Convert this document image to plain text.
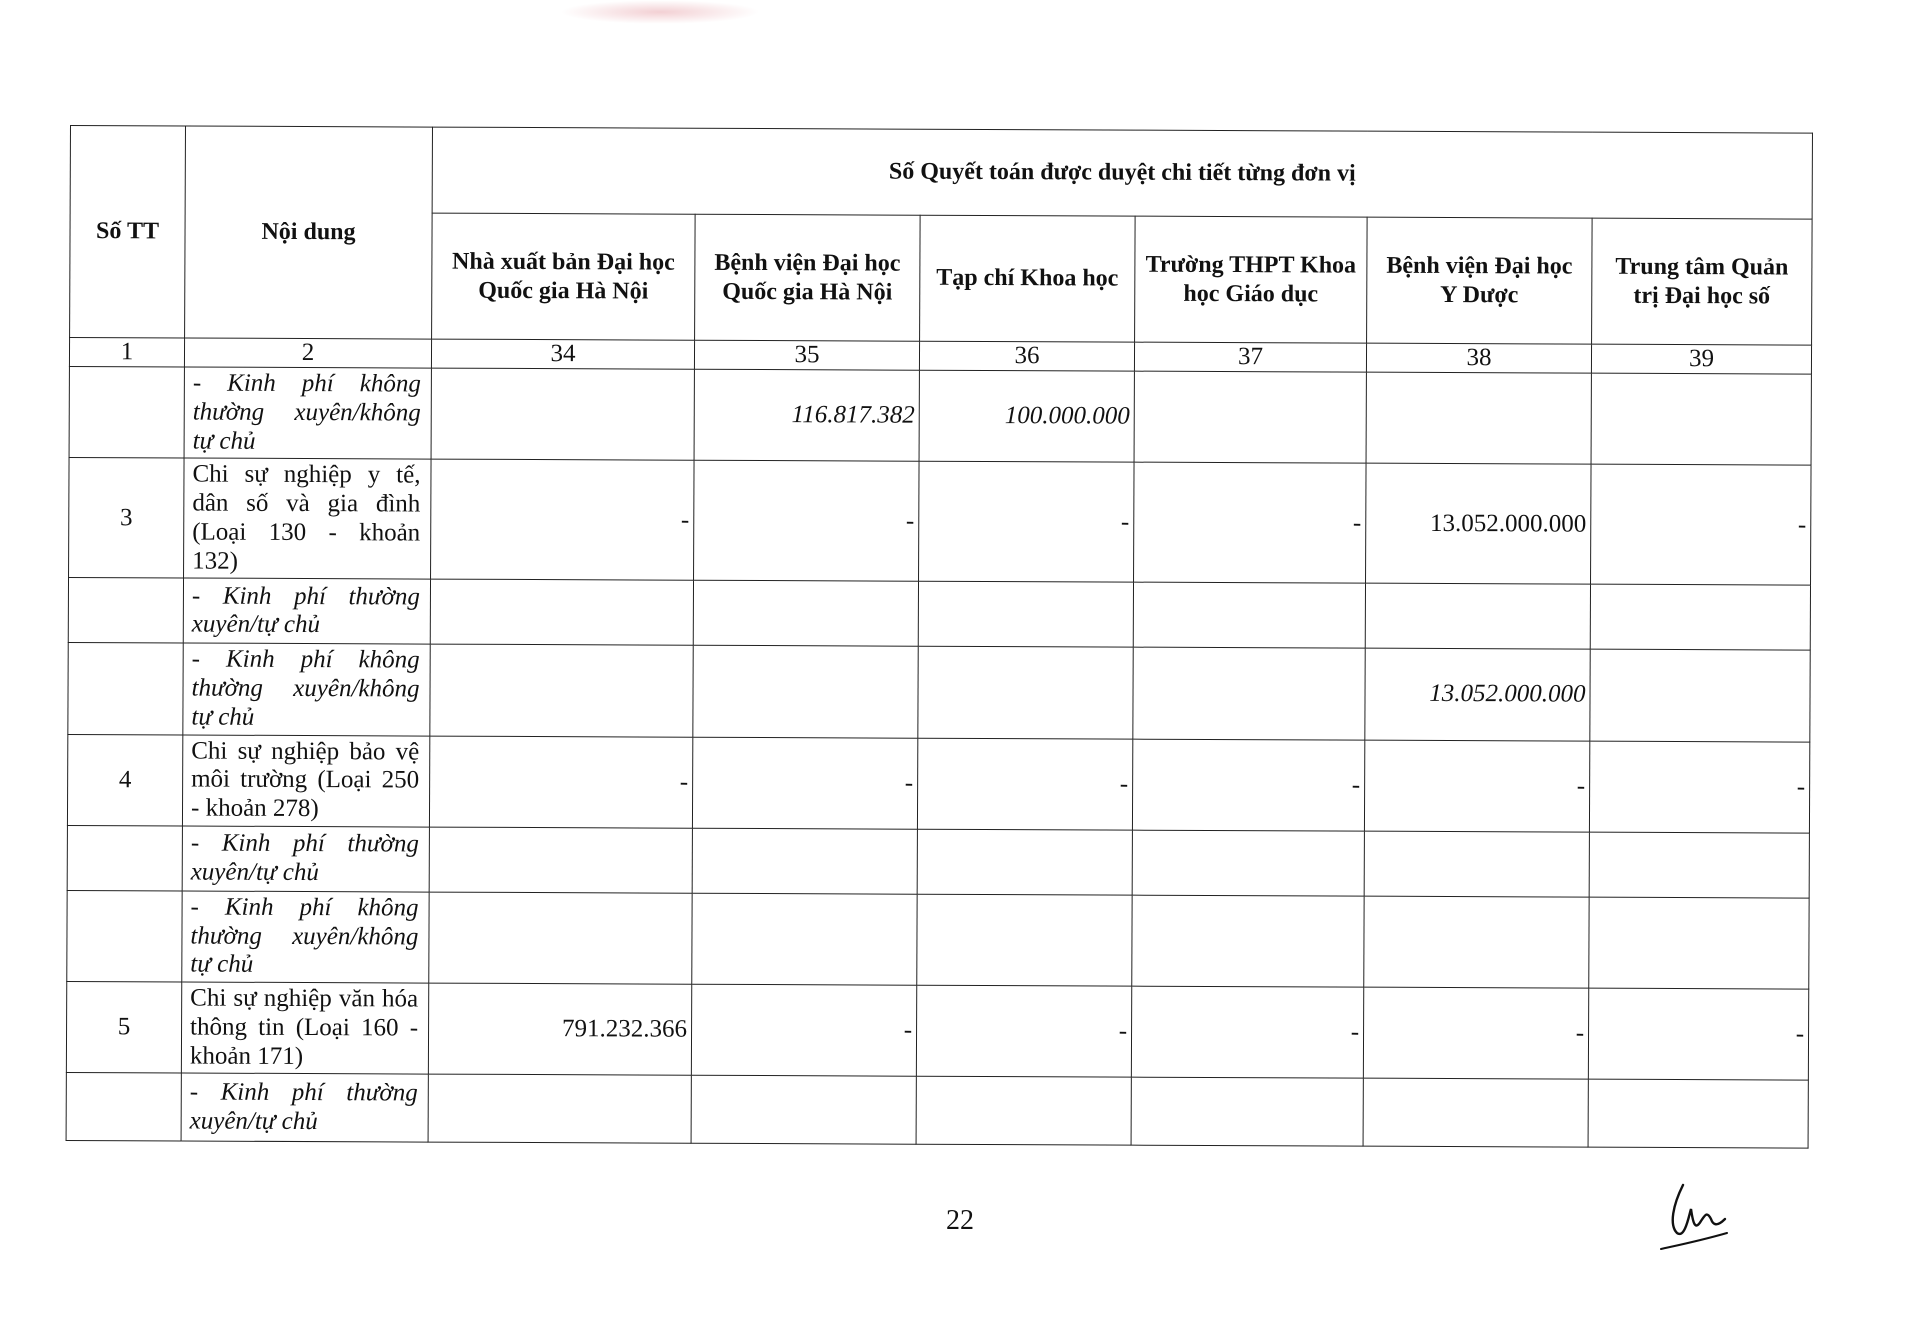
Số TT	Nội dung	Số Quyết toán được duyệt chi tiết từng đơn vị					
		Nhà xuất bản Đại học Quốc gia Hà Nội	Bệnh viện Đại học Quốc gia Hà Nội	Tạp chí Khoa học	Trường THPT Khoa học Giáo dục	Bệnh viện Đại học Y Dược	Trung tâm Quản trị Đại học số
1	2	34	35	36	37	38	39
	- Kinh phí không thường xuyên/không tự chủ		116.817.382	100.000.000			
3	Chi sự nghiệp y tế, dân số và gia đình (Loại 130 - khoản 132)	-	-	-	-	13.052.000.000	-
	- Kinh phí thường xuyên/tự chủ						
	- Kinh phí không thường xuyên/không tự chủ					13.052.000.000	
4	Chi sự nghiệp bảo vệ môi trường (Loại 250 - khoản 278)	-	-	-	-	-	-
	- Kinh phí thường xuyên/tự chủ						
	- Kinh phí không thường xuyên/không tự chủ						
5	Chi sự nghiệp văn hóa thông tin (Loại 160 - khoản 171)	791.232.366	-	-	-	-	-
	- Kinh phí thường xuyên/tự chủ						
22
